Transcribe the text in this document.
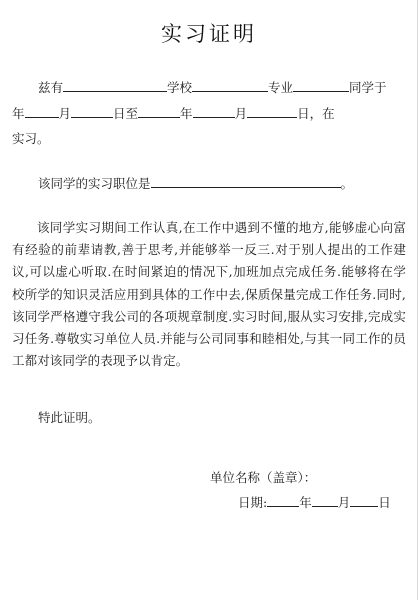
实习证明
兹有	学校	专业	同学于
年	月	日至	年	月	日，在
实习。
该同学的实习职位是	。
该同学实习期间工作认真,在工作中遇到不懂的地方,能够虚心向富有经验的前辈请教,善于思考,并能够举一反三.对于别人提出的工作建议,可以虚心听取.在时间紧迫的情况下,加班加点完成任务.能够将在学校所学的知识灵活应用到具体的工作中去,保质保量完成工作任务.同时,该同学严格遵守我公司的各项规章制度.实习时间,服从实习安排,完成实习任务.尊敬实习单位人员.并能与公司同事和睦相处,与其一同工作的员工都对该同学的表现予以肯定。
特此证明。
单位名称（盖章）：
日期:	年 月 日
